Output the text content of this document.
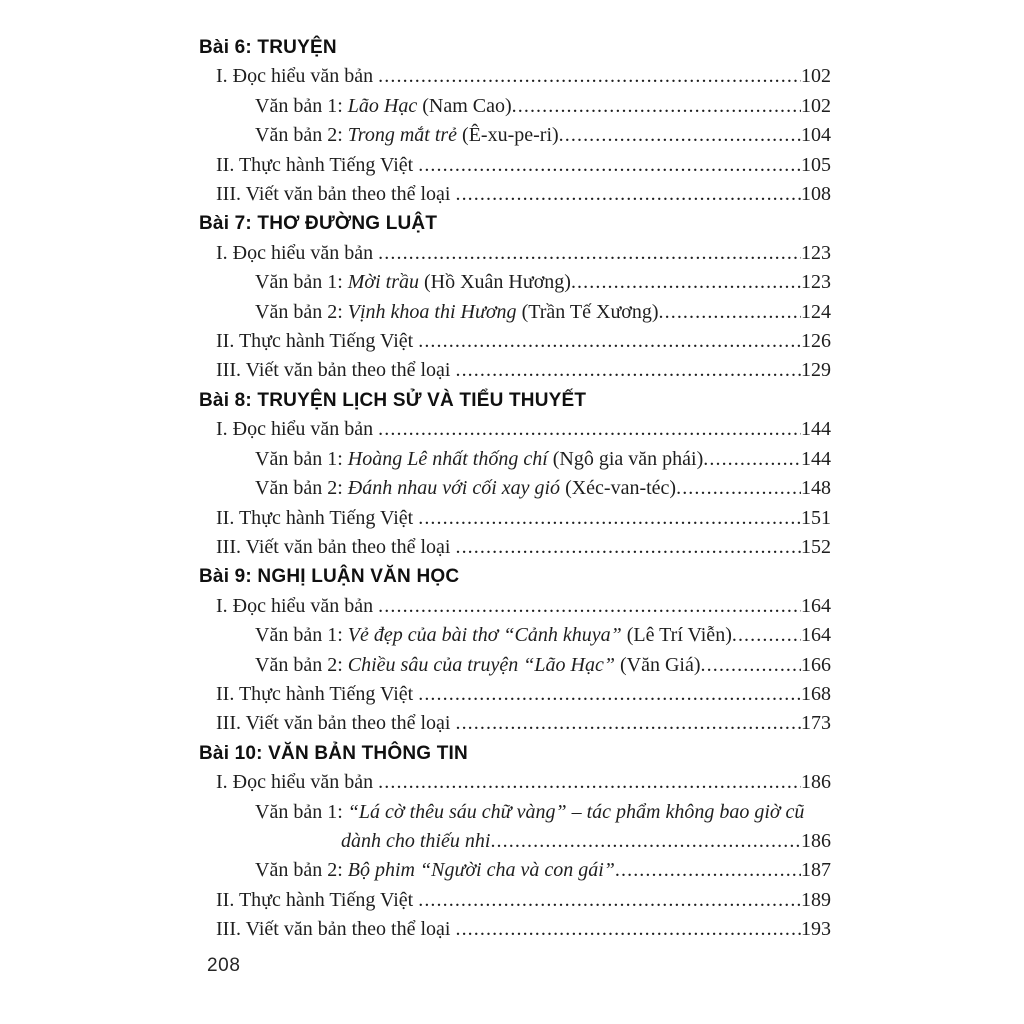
Bài 6: TRUYỆN
I. Đọc hiểu văn bản .....	102
Văn bản 1: Lão Hạc (Nam Cao) .....	102
Văn bản 2: Trong mắt trẻ (Ê-xu-pe-ri) .....	104
II. Thực hành Tiếng Việt .....	105
III. Viết văn bản theo thể loại .....	108
Bài 7: THƠ ĐƯỜNG LUẬT
I. Đọc hiểu văn bản .....	123
Văn bản 1: Mời trầu (Hồ Xuân Hương) .....	123
Văn bản 2: Vịnh khoa thi Hương (Trần Tế Xương) .....	124
II. Thực hành Tiếng Việt .....	126
III. Viết văn bản theo thể loại .....	129
Bài 8: TRUYỆN LỊCH SỬ VÀ TIỂU THUYẾT
I. Đọc hiểu văn bản .....	144
Văn bản 1: Hoàng Lê nhất thống chí (Ngô gia văn phái) .....	144
Văn bản 2: Đánh nhau với cối xay gió (Xéc-van-téc) .....	148
II. Thực hành Tiếng Việt .....	151
III. Viết văn bản theo thể loại .....	152
Bài 9: NGHỊ LUẬN VĂN HỌC
I. Đọc hiểu văn bản .....	164
Văn bản 1: Vẻ đẹp của bài thơ “Cảnh khuya” (Lê Trí Viễn) .....	164
Văn bản 2: Chiều sâu của truyện “Lão Hạc” (Văn Giá) .....	166
II. Thực hành Tiếng Việt .....	168
III. Viết văn bản theo thể loại .....	173
Bài 10: VĂN BẢN THÔNG TIN
I. Đọc hiểu văn bản .....	186
Văn bản 1: “Lá cờ thêu sáu chữ vàng” – tác phẩm không bao giờ cũ
dành cho thiếu nhi .....	186
Văn bản 2: Bộ phim “Người cha và con gái” .....	187
II. Thực hành Tiếng Việt .....	189
III. Viết văn bản theo thể loại .....	193
208
